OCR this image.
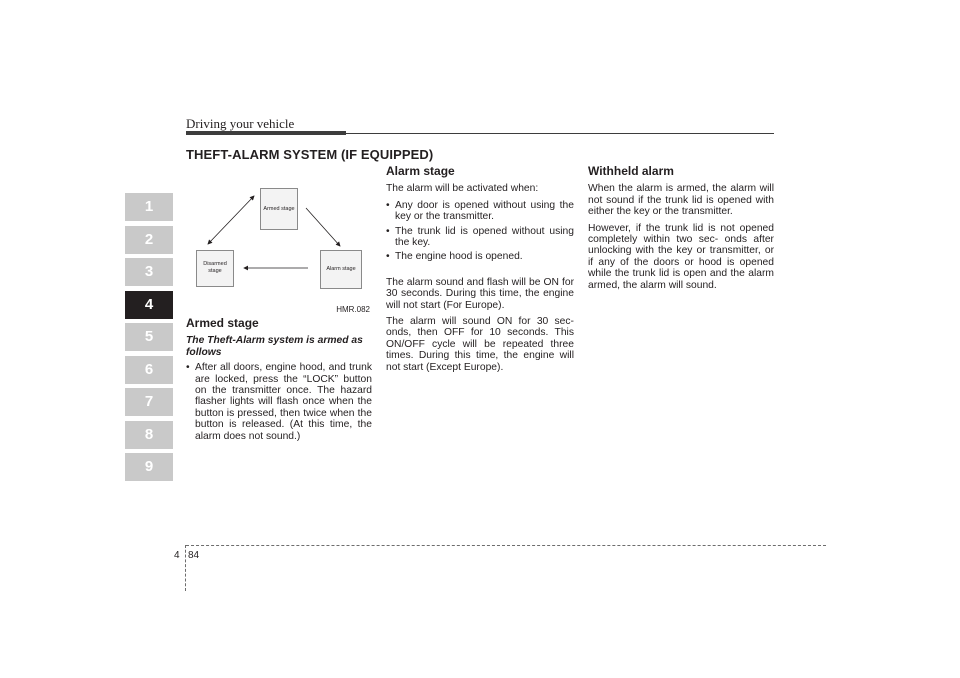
Driving your vehicle
THEFT-ALARM SYSTEM (IF EQUIPPED)
1
2
3
4
5
6
7
8
9
Armed stage
Disarmed stage	Alarm stage
HMR.082
Armed stage
The Theft-Alarm system is armed as follows
• After all doors, engine hood, and trunk are locked, press the “LOCK” button on the transmitter once. The hazard flasher lights will flash once when the button is pressed, then twice when the button is released. (At this time, the alarm does not sound.)
Alarm stage

The alarm will be activated when:

• Any door is opened without using the key or the transmitter.
• The trunk lid is opened without using the key.
• The engine hood is opened.

The alarm sound and flash will be ON for 30 seconds. During this time, the engine will not start (For Europe).

The alarm will sound ON for 30 sec- onds, then OFF for 10 seconds. This ON/OFF cycle will be repeated three times. During this time, the engine will not start (Except Europe).

Withheld alarm

When the alarm is armed, the alarm will not sound if the trunk lid is opened with either the key or the transmitter.

However, if the trunk lid is not opened completely within two sec- onds after unlocking with the key or transmitter, or if any of the doors or hood is opened while the trunk lid is open and the alarm armed, the alarm will sound.

4 84
